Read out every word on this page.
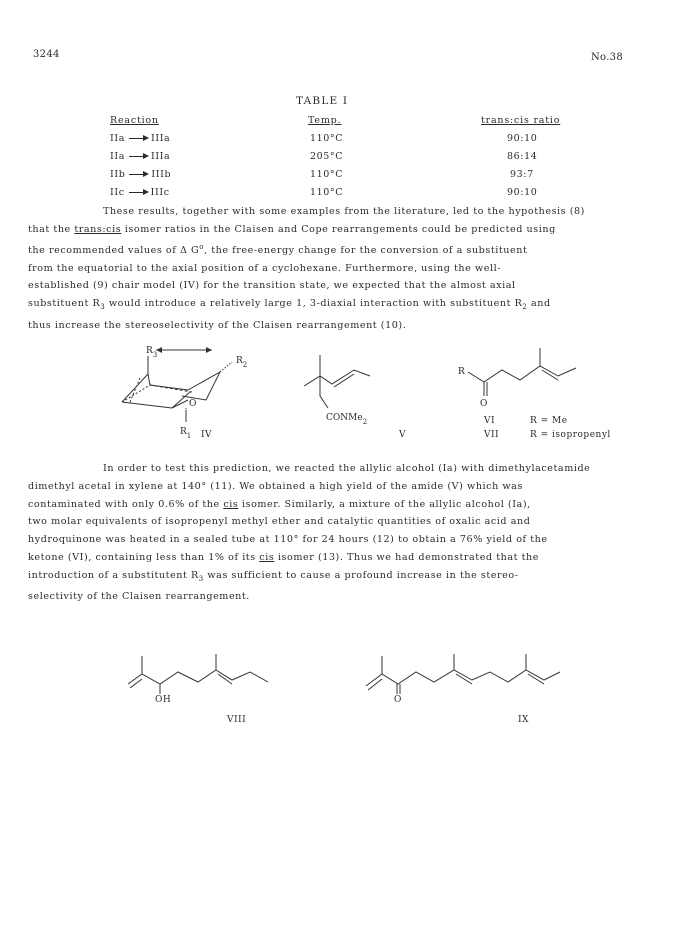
3244	No.38
TABLE I
Reaction	Temp.	trans:cis ratio
IIa → IIIa	110°C	90:10
IIa → IIIa	205°C	86:14
IIb → IIIb	110°C	93:7
IIc → IIIc	110°C	90:10

These results, together with some examples from the literature, led to the hypothesis (8)

that the trans:cis isomer ratios in the Claisen and Cope rearrangements could be predicted using

the recommended values of Δ $G^o$, the free-energy change for the conversion of a substituent

from the equatorial to the axial position of a cyclohexane. Furthermore, using the well-

established (9) chair model (IV) for the transition state, we expected that the almost axial

substituent $R_3$ would introduce a relatively large 1, 3-diaxial interaction with substituent $R_2$ and

thus increase the stereoselectivity of the Claisen rearrangement (10).

$R_3$
$R_2$
O
$R_1$ IV
CONMe$_2$
V
R
O
VI	R = Me
VII	R = isopropenyl

In order to test this prediction, we reacted the allylic alcohol (Ia) with dimethylacetamide

dimethyl acetal in xylene at 140° (11). We obtained a high yield of the amide (V) which was

contaminated with only 0.6% of the cis isomer. Similarly, a mixture of the allylic alcohol (Ia),

two molar equivalents of isopropenyl methyl ether and catalytic quantities of oxalic acid and

hydroquinone was heated in a sealed tube at 110° for 24 hours (12) to obtain a 76% yield of the

ketone (VI), containing less than 1% of its cis isomer (13). Thus we had demonstrated that the

introduction of a substitutent $R_3$ was sufficient to cause a profound increase in the stereo-

selectivity of the Claisen rearrangement.

OH
VIII
O
IX
